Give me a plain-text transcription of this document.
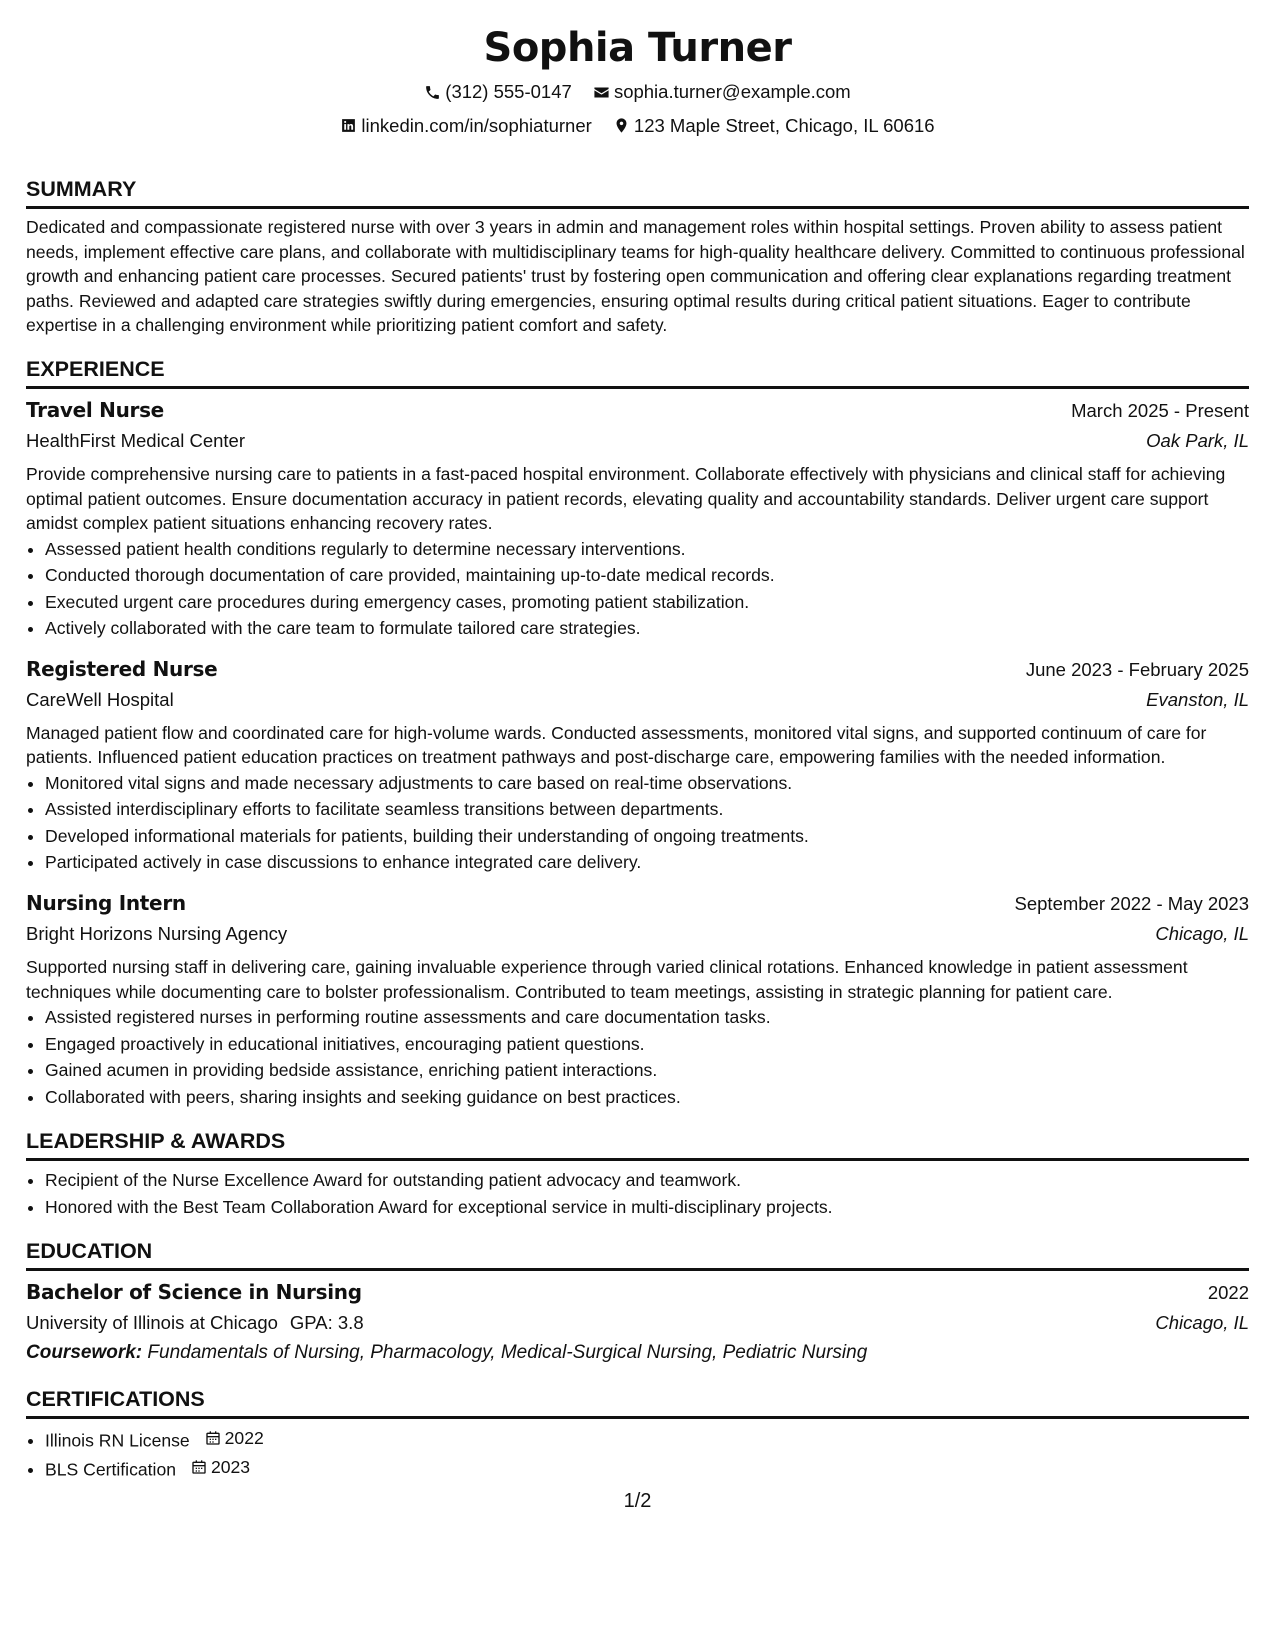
Sophia Turner
(312) 555-0147
sophia.turner@example.com
linkedin.com/in/sophiaturner
123 Maple Street, Chicago, IL 60616
SUMMARY

Dedicated and compassionate registered nurse with over 3 years in admin and management roles within hospital settings. Proven ability to assess patient needs, implement effective care plans, and collaborate with multidisciplinary teams for high-quality healthcare delivery. Committed to continuous professional growth and enhancing patient care processes. Secured patients' trust by fostering open communication and offering clear explanations regarding treatment paths. Reviewed and adapted care strategies swiftly during emergencies, ensuring optimal results during critical patient situations. Eager to contribute expertise in a challenging environment while prioritizing patient comfort and safety.

EXPERIENCE
Travel Nurse	March 2025 - Present
HealthFirst Medical Center	Oak Park, IL

Provide comprehensive nursing care to patients in a fast-paced hospital environment. Collaborate effectively with physicians and clinical staff for achieving optimal patient outcomes. Ensure documentation accuracy in patient records, elevating quality and accountability standards. Deliver urgent care support amidst complex patient situations enhancing recovery rates.

• Assessed patient health conditions regularly to determine necessary interventions.
• Conducted thorough documentation of care provided, maintaining up-to-date medical records.
• Executed urgent care procedures during emergency cases, promoting patient stabilization.
• Actively collaborated with the care team to formulate tailored care strategies.
Registered Nurse	June 2023 - February 2025
CareWell Hospital	Evanston, IL

Managed patient flow and coordinated care for high-volume wards. Conducted assessments, monitored vital signs, and supported continuum of care for patients. Influenced patient education practices on treatment pathways and post-discharge care, empowering families with the needed information.

• Monitored vital signs and made necessary adjustments to care based on real-time observations.
• Assisted interdisciplinary efforts to facilitate seamless transitions between departments.
• Developed informational materials for patients, building their understanding of ongoing treatments.
• Participated actively in case discussions to enhance integrated care delivery.
Nursing Intern	September 2022 - May 2023
Bright Horizons Nursing Agency	Chicago, IL

Supported nursing staff in delivering care, gaining invaluable experience through varied clinical rotations. Enhanced knowledge in patient assessment techniques while documenting care to bolster professionalism. Contributed to team meetings, assisting in strategic planning for patient care.

• Assisted registered nurses in performing routine assessments and care documentation tasks.
• Engaged proactively in educational initiatives, encouraging patient questions.
• Gained acumen in providing bedside assistance, enriching patient interactions.
• Collaborated with peers, sharing insights and seeking guidance on best practices.
LEADERSHIP & AWARDS
• Recipient of the Nurse Excellence Award for outstanding patient advocacy and teamwork.
• Honored with the Best Team Collaboration Award for exceptional service in multi-disciplinary projects.
EDUCATION
Bachelor of Science in Nursing	2022
University of Illinois at Chicago GPA: 3.8	Chicago, IL
Coursework: Fundamentals of Nursing, Pharmacology, Medical-Surgical Nursing, Pediatric Nursing
CERTIFICATIONS
• Illinois RN License 2022
• BLS Certification 2023
1/2
